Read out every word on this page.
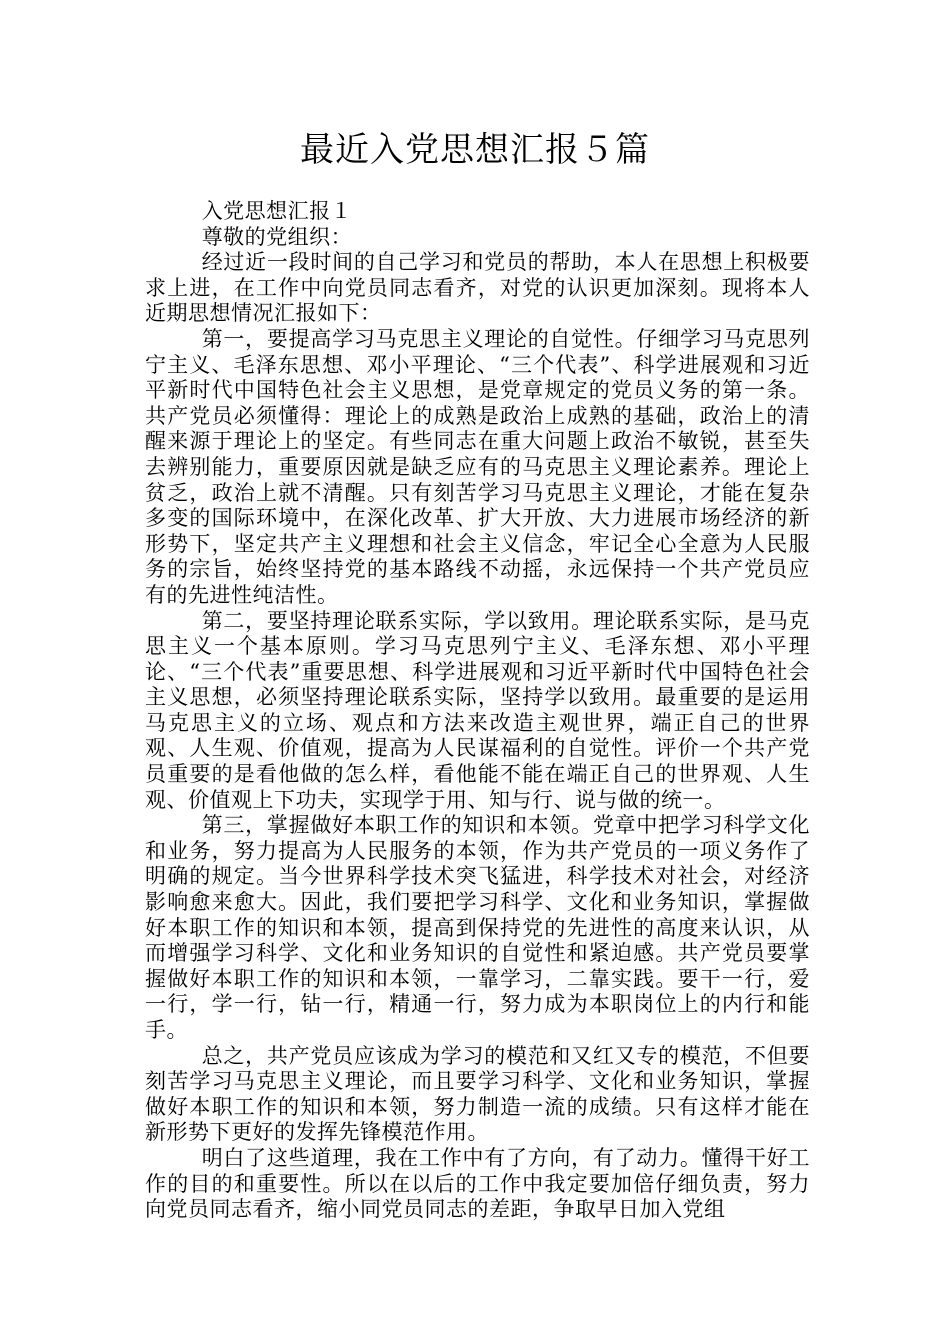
最近入党思想汇报５篇

入党思想汇报１

尊敬的党组织：

经过近一段时间的自己学习和党员的帮助，本人在思想上积极要求上进，在工作中向党员同志看齐，对党的认识更加深刻。现将本人近期思想情况汇报如下：

第一，要提高学习马克思主义理论的自觉性。仔细学习马克思列宁主义、毛泽东思想、邓小平理论、“三个代表”、科学进展观和习近平新时代中国特色社会主义思想，是党章规定的党员义务的第一条。共产党员必须懂得：理论上的成熟是政治上成熟的基础，政治上的清醒来源于理论上的坚定。有些同志在重大问题上政治不敏锐，甚至失去辨别能力，重要原因就是缺乏应有的马克思主义理论素养。理论上贫乏，政治上就不清醒。只有刻苦学习马克思主义理论，才能在复杂多变的国际环境中，在深化改革、扩大开放、大力进展市场经济的新形势下，坚定共产主义理想和社会主义信念，牢记全心全意为人民服务的宗旨，始终坚持党的基本路线不动摇，永远保持一个共产党员应有的先进性纯洁性。

第二，要坚持理论联系实际，学以致用。理论联系实际，是马克思主义一个基本原则。学习马克思列宁主义、毛泽东想、邓小平理论、“三个代表”重要思想、科学进展观和习近平新时代中国特色社会主义思想，必须坚持理论联系实际，坚持学以致用。最重要的是运用马克思主义的立场、观点和方法来改造主观世界，端正自己的世界观、人生观、价值观，提高为人民谋福利的自觉性。评价一个共产党员重要的是看他做的怎么样，看他能不能在端正自己的世界观、人生观、价值观上下功夫，实现学于用、知与行、说与做的统一。

第三，掌握做好本职工作的知识和本领。党章中把学习科学文化和业务，努力提高为人民服务的本领，作为共产党员的一项义务作了明确的规定。当今世界科学技术突飞猛进，科学技术对社会，对经济影响愈来愈大。因此，我们要把学习科学、文化和业务知识，掌握做好本职工作的知识和本领，提高到保持党的先进性的高度来认识，从而增强学习科学、文化和业务知识的自觉性和紧迫感。共产党员要掌握做好本职工作的知识和本领，一靠学习，二靠实践。要干一行，爱一行，学一行，钻一行，精通一行，努力成为本职岗位上的内行和能手。

总之，共产党员应该成为学习的模范和又红又专的模范，不但要刻苦学习马克思主义理论，而且要学习科学、文化和业务知识，掌握做好本职工作的知识和本领，努力制造一流的成绩。只有这样才能在新形势下更好的发挥先锋模范作用。

明白了这些道理，我在工作中有了方向，有了动力。懂得干好工作的目的和重要性。所以在以后的工作中我定要加倍仔细负责，努力向党员同志看齐，缩小同党员同志的差距，争取早日加入党组
